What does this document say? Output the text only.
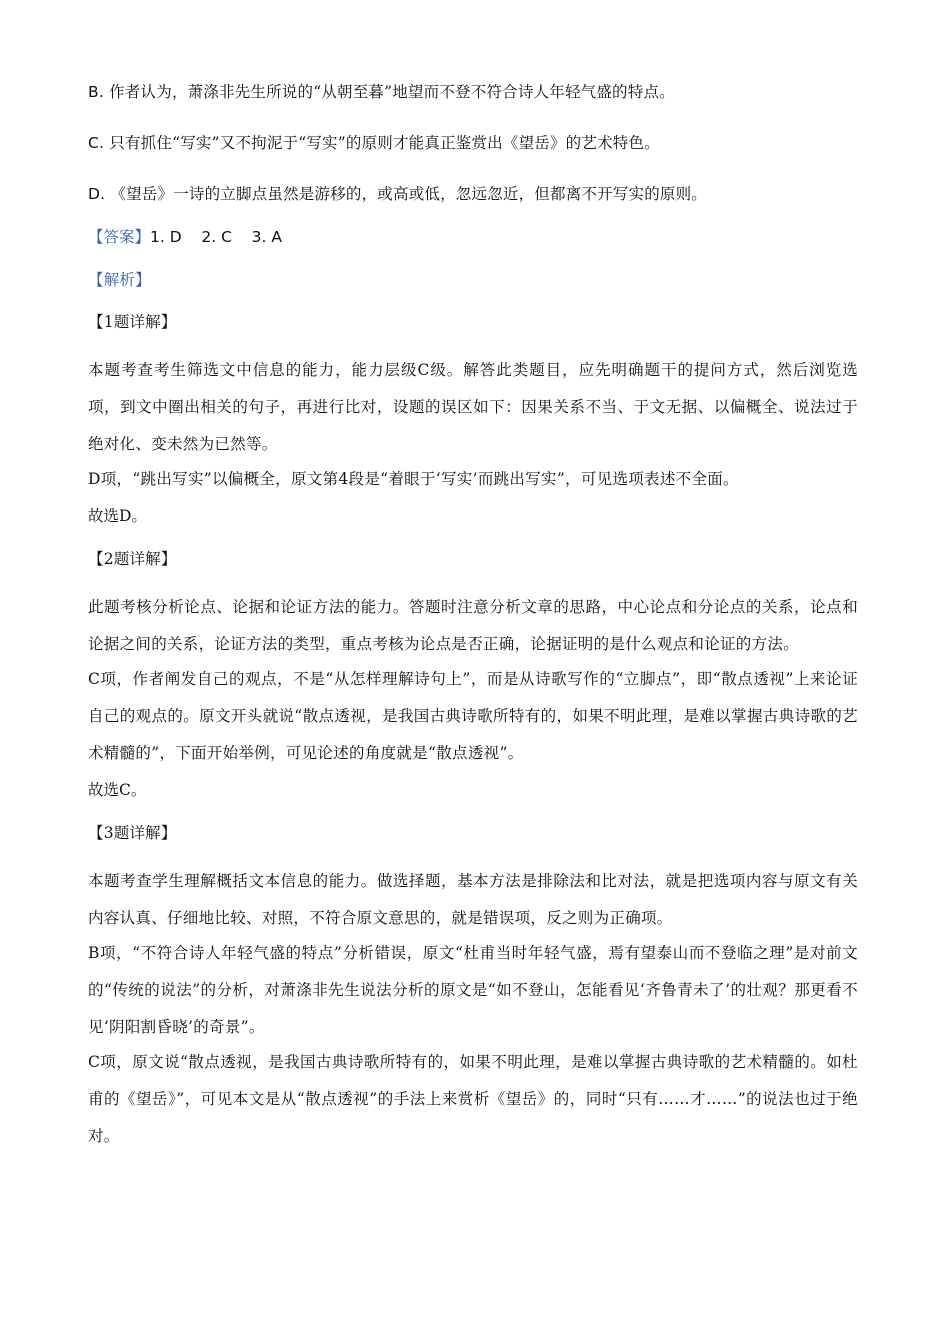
B. 作者认为，萧涤非先生所说的“从朝至暮”地望而不登不符合诗人年轻气盛的特点。
C. 只有抓住“写实”又不拘泥于“写实”的原则才能真正鉴赏出《望岳》的艺术特色。
D. 《望岳》一诗的立脚点虽然是游移的，或高或低，忽远忽近，但都离不开写实的原则。
【答案】1. D    2. C    3. A
【解析】
【1题详解】

本题考查考生筛选文中信息的能力，能力层级C级。解答此类题目，应先明确题干的提问方式，然后浏览选项，到文中圈出相关的句子，再进行比对，设题的误区如下：因果关系不当、于文无据、以偏概全、说法过于绝对化、变未然为已然等。

D项，“跳出写实”以偏概全，原文第4段是“着眼于‘写实’而跳出写实”，可见选项表述不全面。

故选D。

【2题详解】

此题考核分析论点、论据和论证方法的能力。答题时注意分析文章的思路，中心论点和分论点的关系，论点和论据之间的关系，论证方法的类型，重点考核为论点是否正确，论据证明的是什么观点和论证的方法。

C项，作者阐发自己的观点，不是“从怎样理解诗句上”，而是从诗歌写作的“立脚点”，即“散点透视”上来论证自己的观点的。原文开头就说“散点透视，是我国古典诗歌所特有的，如果不明此理，是难以掌握古典诗歌的艺术精髓的”，下面开始举例，可见论述的角度就是“散点透视”。

故选C。

【3题详解】

本题考查学生理解概括文本信息的能力。做选择题，基本方法是排除法和比对法，就是把选项内容与原文有关内容认真、仔细地比较、对照，不符合原文意思的，就是错误项，反之则为正确项。

B项，“不符合诗人年轻气盛的特点”分析错误，原文“杜甫当时年轻气盛，焉有望泰山而不登临之理”是对前文的“传统的说法”的分析，对萧涤非先生说法分析的原文是“如不登山，怎能看见‘齐鲁青未了’的壮观？那更看不见‘阴阳割昏晓’的奇景”。

C项，原文说“散点透视，是我国古典诗歌所特有的，如果不明此理，是难以掌握古典诗歌的艺术精髓的。如杜甫的《望岳》”，可见本文是从“散点透视”的手法上来赏析《望岳》的，同时“只有……才……”的说法也过于绝对。
